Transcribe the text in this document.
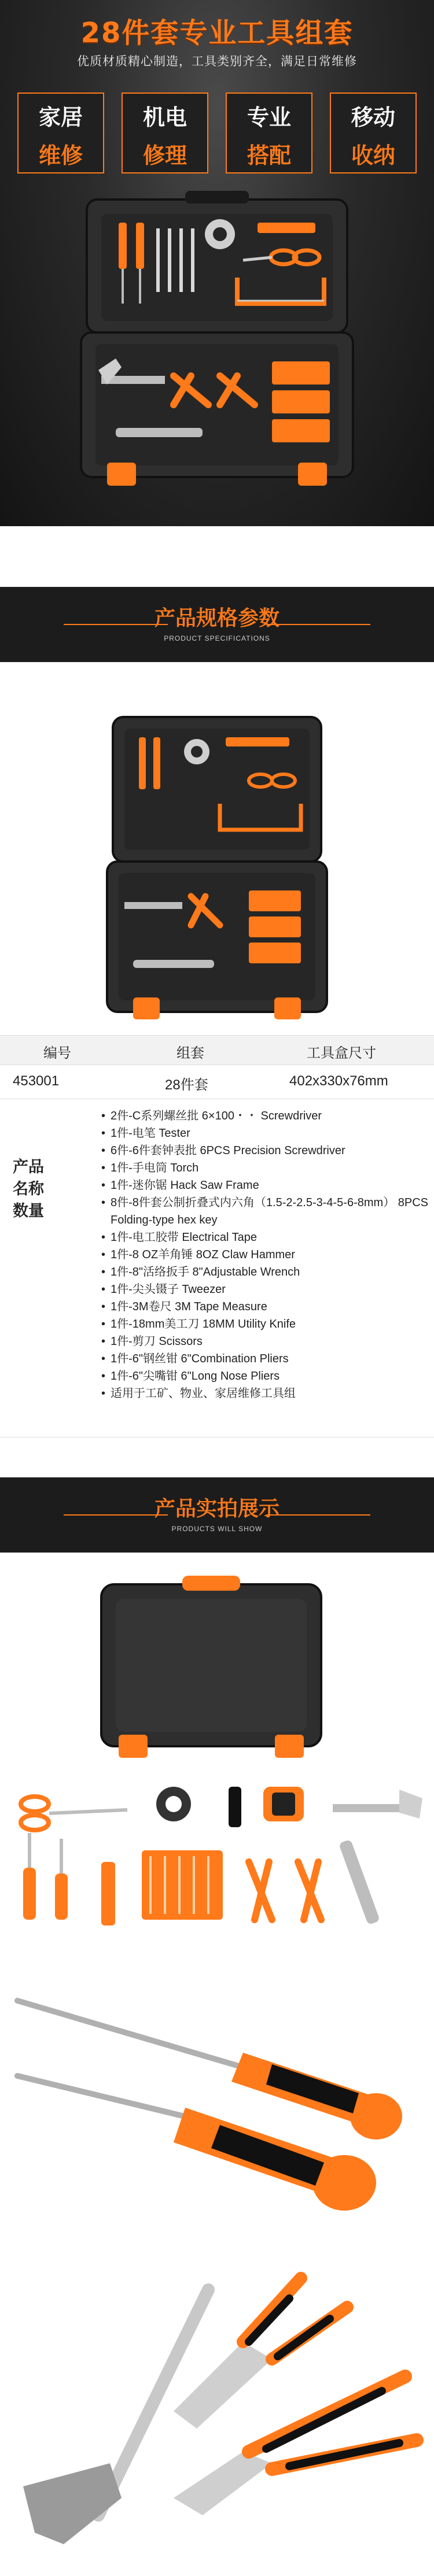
28件套专业工具组套
优质材质精心制造，工具类别齐全，满足日常维修
家居
维修
机电
修理
专业
搭配
移动
收纳
产品规格参数
PRODUCT SPECIFICATIONS
编号	组套	工具盒尺寸
453001	28件套	402x330x76mm
产品名称数量
• 2件-C系列螺丝批 6×100・・ Screwdriver
• 1件-电笔 Tester
• 6件-6件套钟表批 6PCS Precision Screwdriver
• 1件-手电筒 Torch
• 1件-迷你锯 Hack Saw Frame
• 8件-8件套公制折叠式内六角（1.5-2-2.5-3-4-5-6-8mm） 8PCS Folding-type hex key
• 1件-电工胶带 Electrical Tape
• 1件-8 OZ羊角锤 8OZ Claw Hammer
• 1件-8"活络扳手 8"Adjustable Wrench
• 1件-尖头镊子 Tweezer
• 1件-3M卷尺 3M Tape Measure
• 1件-18mm美工刀 18MM Utility Knife
• 1件-剪刀 Scissors
• 1件-6"钢丝钳 6"Combination Pliers
• 1件-6"尖嘴钳 6"Long Nose Pliers
• 适用于工矿、物业、家居维修工具组
产品实拍展示
PRODUCTS WILL SHOW
